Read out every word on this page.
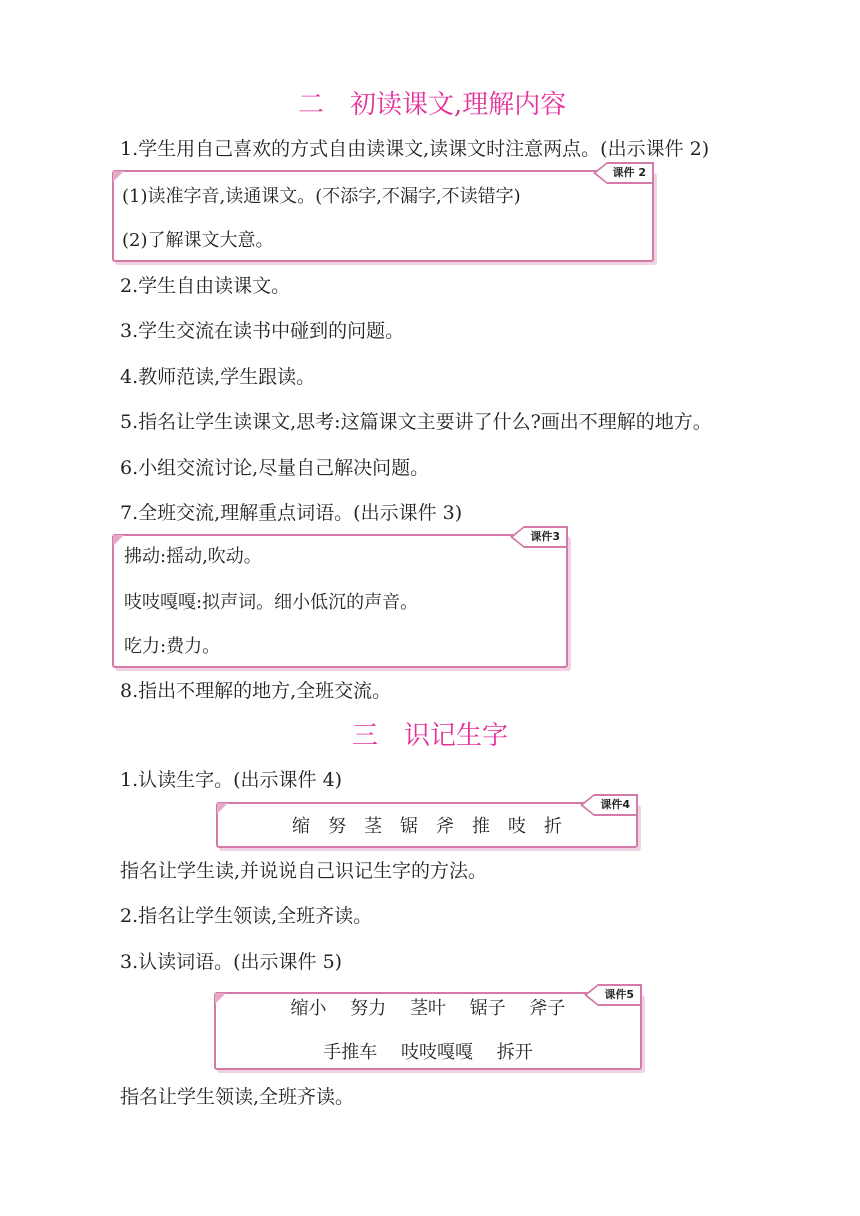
二　初读课文,理解内容
1.学生用自己喜欢的方式自由读课文,读课文时注意两点。(出示课件 2)
课件 2
(1)读准字音,读通课文。(不添字,不漏字,不读错字)
(2)了解课文大意。
2.学生自由读课文。
3.学生交流在读书中碰到的问题。
4.教师范读,学生跟读。
5.指名让学生读课文,思考:这篇课文主要讲了什么?画出不理解的地方。
6.小组交流讨论,尽量自己解决问题。
7.全班交流,理解重点词语。(出示课件 3)
课件3
拂动:摇动,吹动。
吱吱嘎嘎:拟声词。细小低沉的声音。
吃力:费力。
8.指出不理解的地方,全班交流。
三　识记生字
1.认读生字。(出示课件 4)
课件4
缩　努　茎　锯　斧　推　吱　折
指名让学生读,并说说自己识记生字的方法。
2.指名让学生领读,全班齐读。
3.认读词语。(出示课件 5)
课件5
缩小　 努力　 茎叶　 锯子　 斧子
手推车　 吱吱嘎嘎　 拆开
指名让学生领读,全班齐读。
